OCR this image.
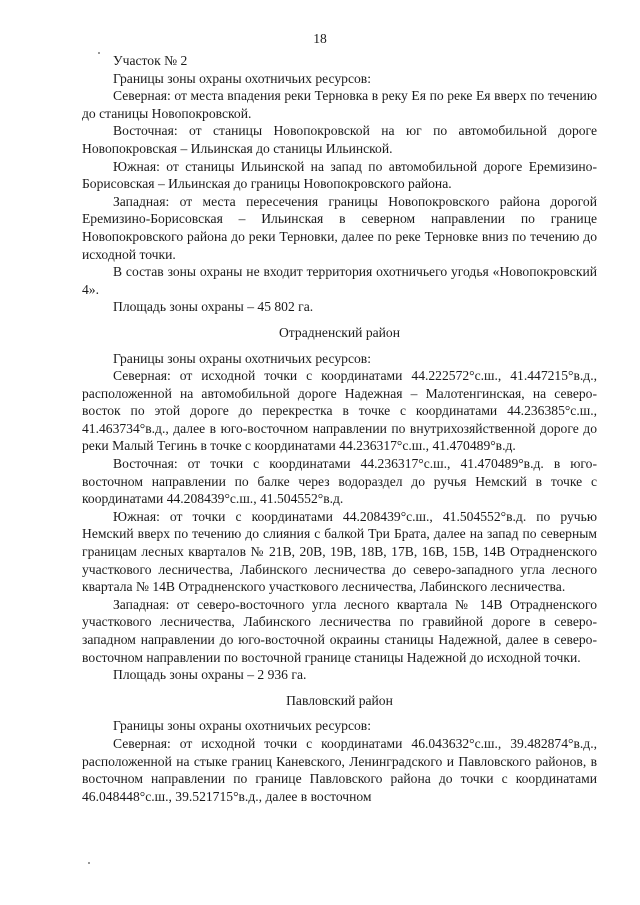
18

Участок № 2

Границы зоны охраны охотничьих ресурсов:

Северная: от места впадения реки Терновка в реку Ея по реке Ея вверх по течению до станицы Новопокровской.

Восточная: от станицы Новопокровской на юг по автомобильной дороге Новопокровская – Ильинская до станицы Ильинской.

Южная: от станицы Ильинской на запад по автомобильной дороге Еремизино-Борисовская – Ильинская до границы Новопокровского района.

Западная: от места пересечения границы Новопокровского района дорогой Еремизино-Борисовская – Ильинская в северном направлении по границе Новопокровского района до реки Терновки, далее по реке Терновке вниз по течению до исходной точки.

В состав зоны охраны не входит территория охотничьего угодья «Новопокровский 4».

Площадь зоны охраны – 45 802 га.

Отрадненский район

Границы зоны охраны охотничьих ресурсов:

Северная: от исходной точки с координатами 44.222572°с.ш., 41.447215°в.д., расположенной на автомобильной дороге Надежная – Малотенгинская, на северо-восток по этой дороге до перекрестка в точке с координатами 44.236385°с.ш., 41.463734°в.д., далее в юго-восточном направлении по внутрихозяйственной дороге до реки Малый Тегинь в точке с координатами 44.236317°с.ш., 41.470489°в.д.

Восточная: от точки с координатами 44.236317°с.ш., 41.470489°в.д. в юго-восточном направлении по балке через водораздел до ручья Немский в точке с координатами 44.208439°с.ш., 41.504552°в.д.

Южная: от точки с координатами 44.208439°с.ш., 41.504552°в.д. по ручью Немский вверх по течению до слияния с балкой Три Брата, далее на запад по северным границам лесных кварталов № 21В, 20В, 19В, 18В, 17В, 16В, 15В, 14В Отрадненского участкового лесничества, Лабинского лесничества до северо-западного угла лесного квартала № 14В Отрадненского участкового лесничества, Лабинского лесничества.

Западная: от северо-восточного угла лесного квартала № 14В Отрадненского участкового лесничества, Лабинского лесничества по гравийной дороге в северо-западном направлении до юго-восточной окраины станицы Надежной, далее в северо-восточном направлении по восточной границе станицы Надежной до исходной точки.

Площадь зоны охраны – 2 936 га.

Павловский район

Границы зоны охраны охотничьих ресурсов:

Северная: от исходной точки с координатами 46.043632°с.ш., 39.482874°в.д., расположенной на стыке границ Каневского, Ленинградского и Павловского районов, в восточном направлении по границе Павловского района до точки с координатами 46.048448°с.ш., 39.521715°в.д., далее в восточном
